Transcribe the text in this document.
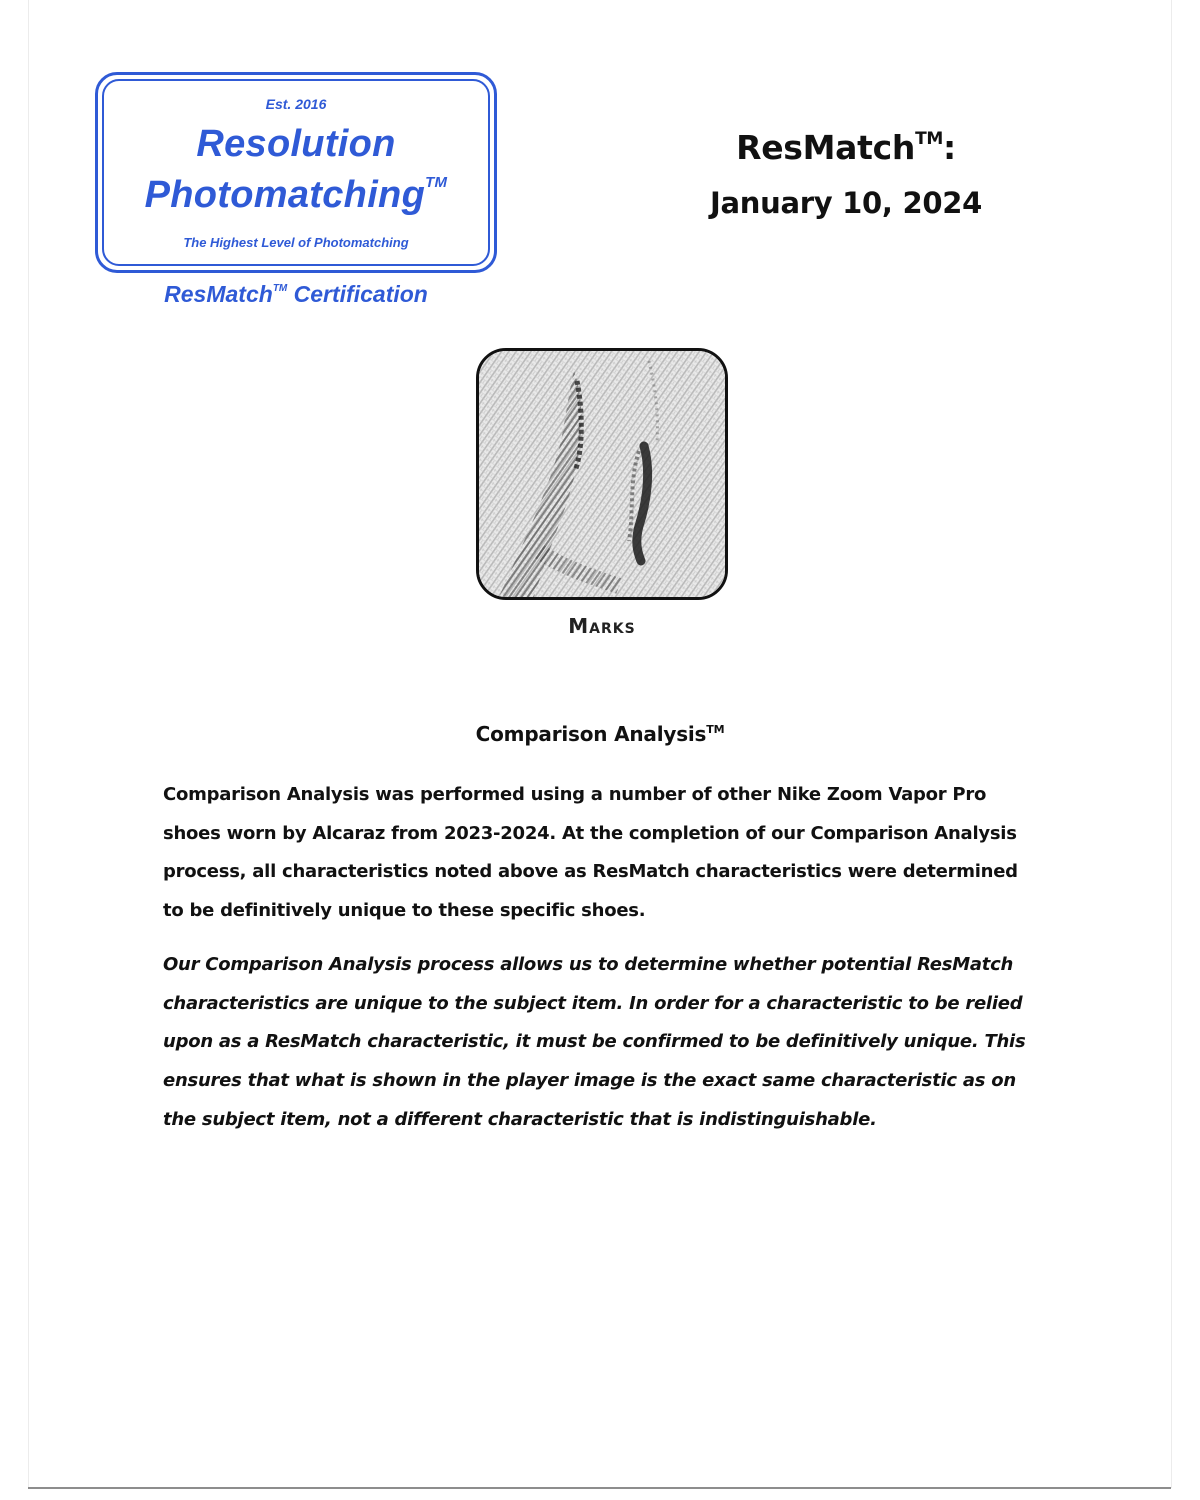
Est. 2016
Resolution
Photomatching™
The Highest Level of Photomatching
ResMatch™ Certification
ResMatch™:
January 10, 2024
Marks
Comparison Analysis™

Comparison Analysis was performed using a number of other Nike Zoom Vapor Pro shoes worn by Alcaraz from 2023-2024. At the completion of our Comparison Analysis process, all characteristics noted above as ResMatch characteristics were determined to be definitively unique to these specific shoes.

Our Comparison Analysis process allows us to determine whether potential ResMatch characteristics are unique to the subject item. In order for a characteristic to be relied upon as a ResMatch characteristic, it must be confirmed to be definitively unique. This ensures that what is shown in the player image is the exact same characteristic as on the subject item, not a different characteristic that is indistinguishable.
